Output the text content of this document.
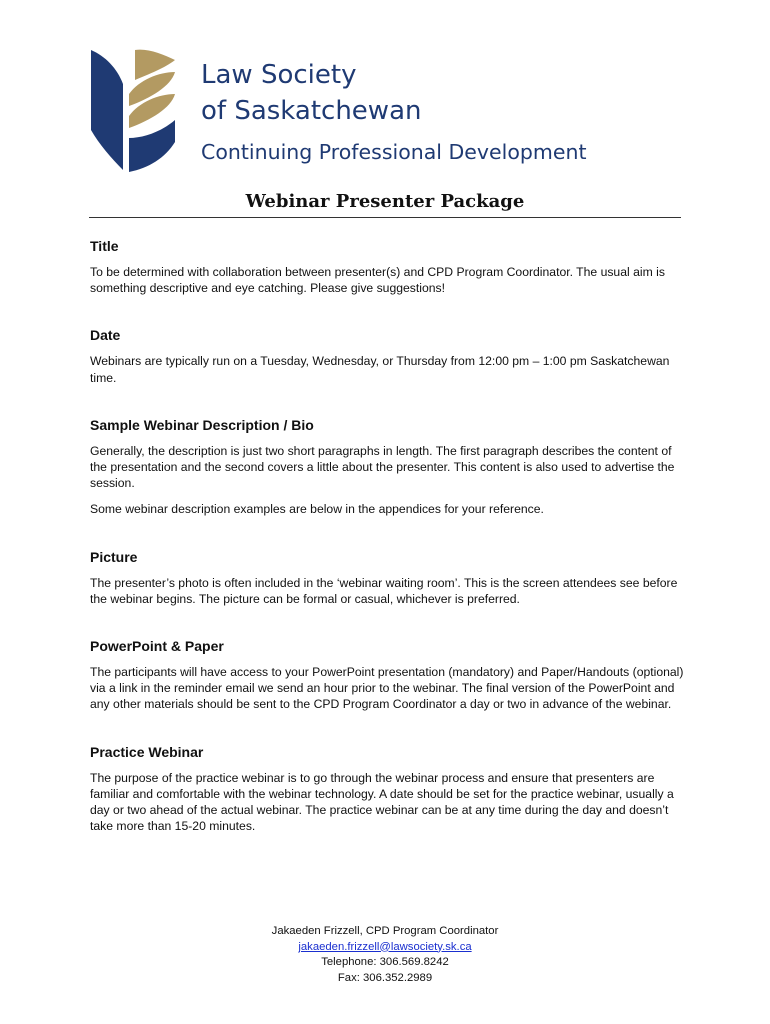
Law Society
of Saskatchewan
Continuing Professional Development
Webinar Presenter Package
Title

To be determined with collaboration between presenter(s) and CPD Program Coordinator. The usual aim is something descriptive and eye catching. Please give suggestions!

Date

Webinars are typically run on a Tuesday, Wednesday, or Thursday from 12:00 pm – 1:00 pm Saskatchewan time.

Sample Webinar Description / Bio

Generally, the description is just two short paragraphs in length. The first paragraph describes the content of the presentation and the second covers a little about the presenter. This content is also used to advertise the session.

Some webinar description examples are below in the appendices for your reference.

Picture

The presenter’s photo is often included in the ‘webinar waiting room’. This is the screen attendees see before the webinar begins. The picture can be formal or casual, whichever is preferred.

PowerPoint & Paper

The participants will have access to your PowerPoint presentation (mandatory) and Paper/Handouts (optional) via a link in the reminder email we send an hour prior to the webinar. The final version of the PowerPoint and any other materials should be sent to the CPD Program Coordinator a day or two in advance of the webinar.

Practice Webinar

The purpose of the practice webinar is to go through the webinar process and ensure that presenters are familiar and comfortable with the webinar technology. A date should be set for the practice webinar, usually a day or two ahead of the actual webinar. The practice webinar can be at any time during the day and doesn’t take more than 15-20 minutes.

Jakaeden Frizzell, CPD Program Coordinator
jakaeden.frizzell@lawsociety.sk.ca
Telephone: 306.569.8242
Fax: 306.352.2989
